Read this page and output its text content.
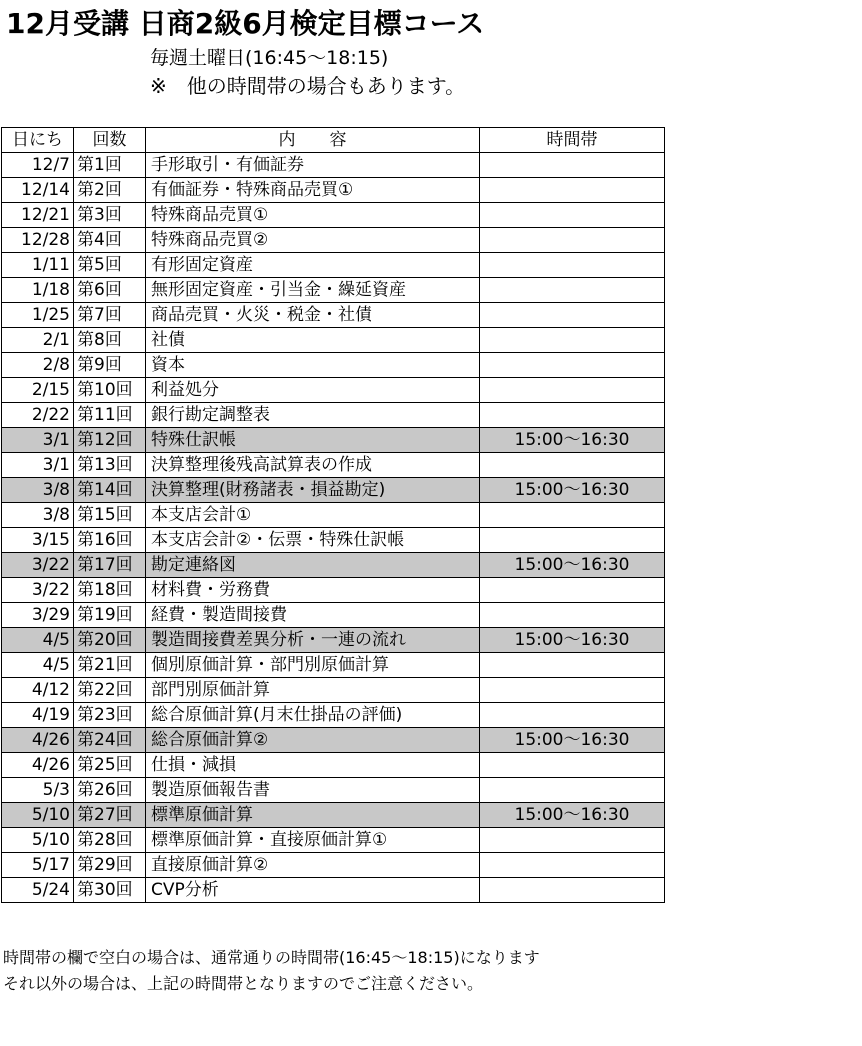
12月受講 日商2級6月検定目標コース
毎週土曜日(16:45～18:15)
※　他の時間帯の場合もあります。
日にち	回数	内　　容	時間帯
12/7	第1回	手形取引・有価証券	
12/14	第2回	有価証券・特殊商品売買①	
12/21	第3回	特殊商品売買①	
12/28	第4回	特殊商品売買②	
1/11	第5回	有形固定資産	
1/18	第6回	無形固定資産・引当金・繰延資産	
1/25	第7回	商品売買・火災・税金・社債	
2/1	第8回	社債	
2/8	第9回	資本	
2/15	第10回	利益処分	
2/22	第11回	銀行勘定調整表	
3/1	第12回	特殊仕訳帳	15:00～16:30
3/1	第13回	決算整理後残高試算表の作成	
3/8	第14回	決算整理(財務諸表・損益勘定)	15:00～16:30
3/8	第15回	本支店会計①	
3/15	第16回	本支店会計②・伝票・特殊仕訳帳	
3/22	第17回	勘定連絡図	15:00～16:30
3/22	第18回	材料費・労務費	
3/29	第19回	経費・製造間接費	
4/5	第20回	製造間接費差異分析・一連の流れ	15:00～16:30
4/5	第21回	個別原価計算・部門別原価計算	
4/12	第22回	部門別原価計算	
4/19	第23回	総合原価計算(月末仕掛品の評価)	
4/26	第24回	総合原価計算②	15:00～16:30
4/26	第25回	仕損・減損	
5/3	第26回	製造原価報告書	
5/10	第27回	標準原価計算	15:00～16:30
5/10	第28回	標準原価計算・直接原価計算①	
5/17	第29回	直接原価計算②	
5/24	第30回	CVP分析	
時間帯の欄で空白の場合は、通常通りの時間帯(16:45～18:15)になります
それ以外の場合は、上記の時間帯となりますのでご注意ください。
